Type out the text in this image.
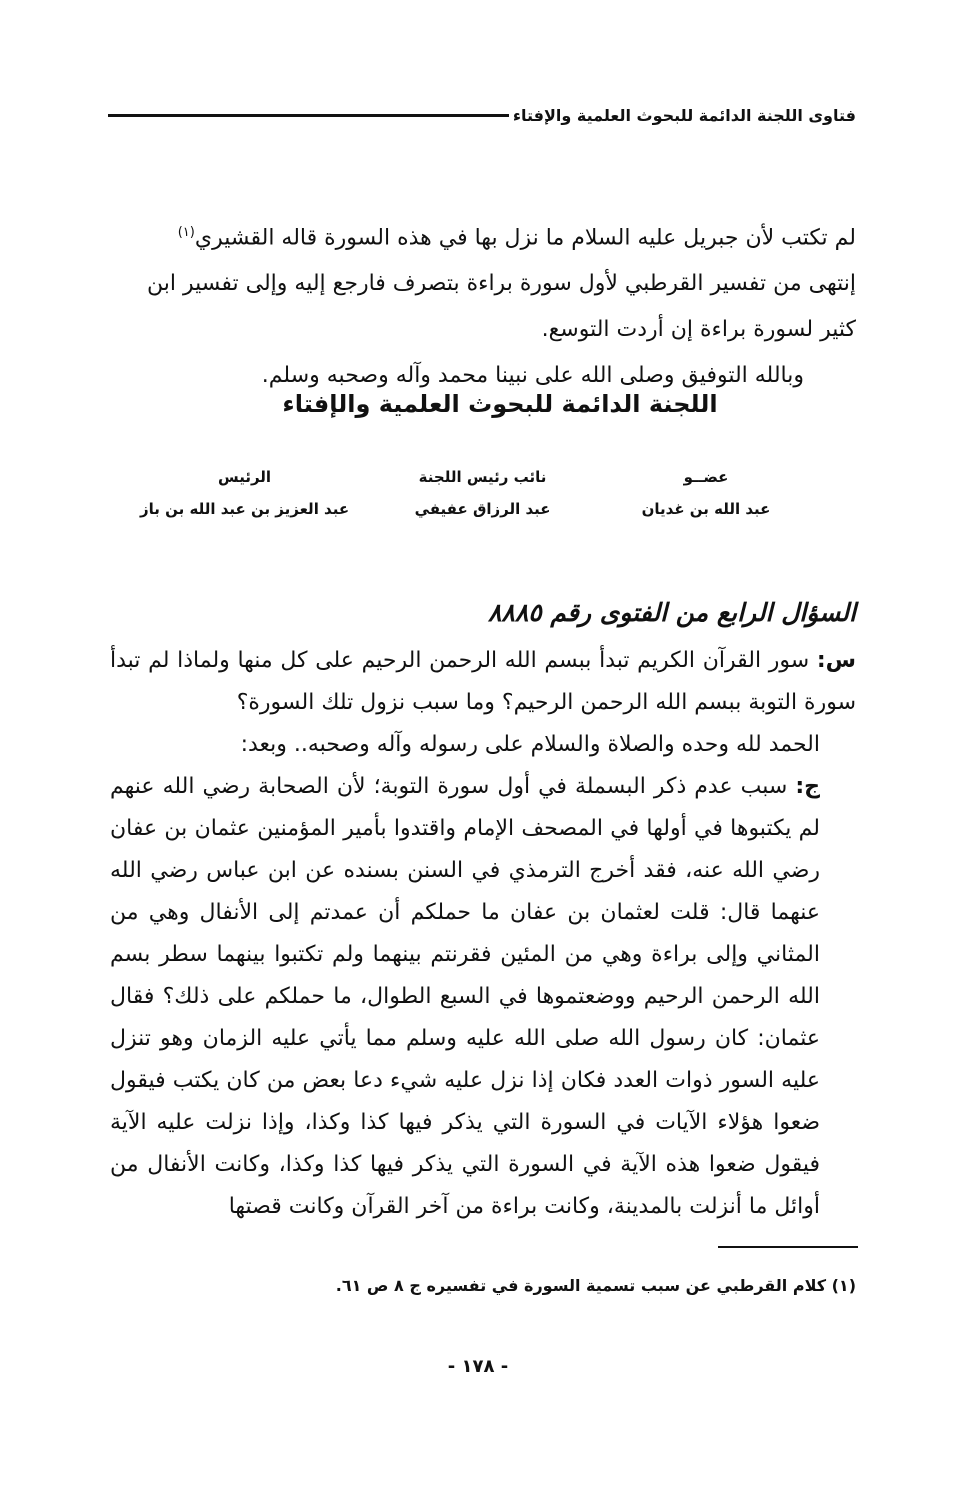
فتاوى اللجنة الدائمة للبحوث العلمية والإفتاء

لم تكتب لأن جبريل عليه السلام ما نزل بها في هذه السورة قاله القشيري$^{(١)}$

إنتهى من تفسير القرطبي لأول سورة براءة بتصرف فارجع إليه وإلى تفسير ابن

كثير لسورة براءة إن أردت التوسع.

وبالله التوفيق وصلى الله على نبينا محمد وآله وصحبه وسلم.

اللجنة الدائمة للبحوث العلمية والإفتاء
عضــو
عبد الله بن غديان
نائب رئيس اللجنة
عبد الرزاق عفيفي
الرئيس
عبد العزيز بن عبد الله بن باز
السؤال الرابع من الفتوى رقم ٨٨٨٥

س: سور القرآن الكريم تبدأ ببسم الله الرحمن الرحيم على كل منها ولماذا لم تبدأ سورة التوبة ببسم الله الرحمن الرحيم؟ وما سبب نزول تلك السورة؟

الحمد لله وحده والصلاة والسلام على رسوله وآله وصحبه.. وبعد:

ج: سبب عدم ذكر البسملة في أول سورة التوبة؛ لأن الصحابة رضي الله عنهم لم يكتبوها في أولها في المصحف الإمام واقتدوا بأمير المؤمنين عثمان بن عفان رضي الله عنه، فقد أخرج الترمذي في السنن بسنده عن ابن عباس رضي الله عنهما قال: قلت لعثمان بن عفان ما حملكم أن عمدتم إلى الأنفال وهي من المثاني وإلى براءة وهي من المئين فقرنتم بينهما ولم تكتبوا بينهما سطر بسم الله الرحمن الرحيم ووضعتموها في السبع الطوال، ما حملكم على ذلك؟ فقال عثمان: كان رسول الله صلى الله عليه وسلم مما يأتي عليه الزمان وهو تنزل عليه السور ذوات العدد فكان إذا نزل عليه شيء دعا بعض من كان يكتب فيقول ضعوا هؤلاء الآيات في السورة التي يذكر فيها كذا وكذا، وإذا نزلت عليه الآية فيقول ضعوا هذه الآية في السورة التي يذكر فيها كذا وكذا، وكانت الأنفال من أوائل ما أنزلت بالمدينة، وكانت براءة من آخر القرآن وكانت قصتها

(١) كلام القرطبي عن سبب تسمية السورة في تفسيره ج ٨ ص ٦١.
- ١٧٨ -
